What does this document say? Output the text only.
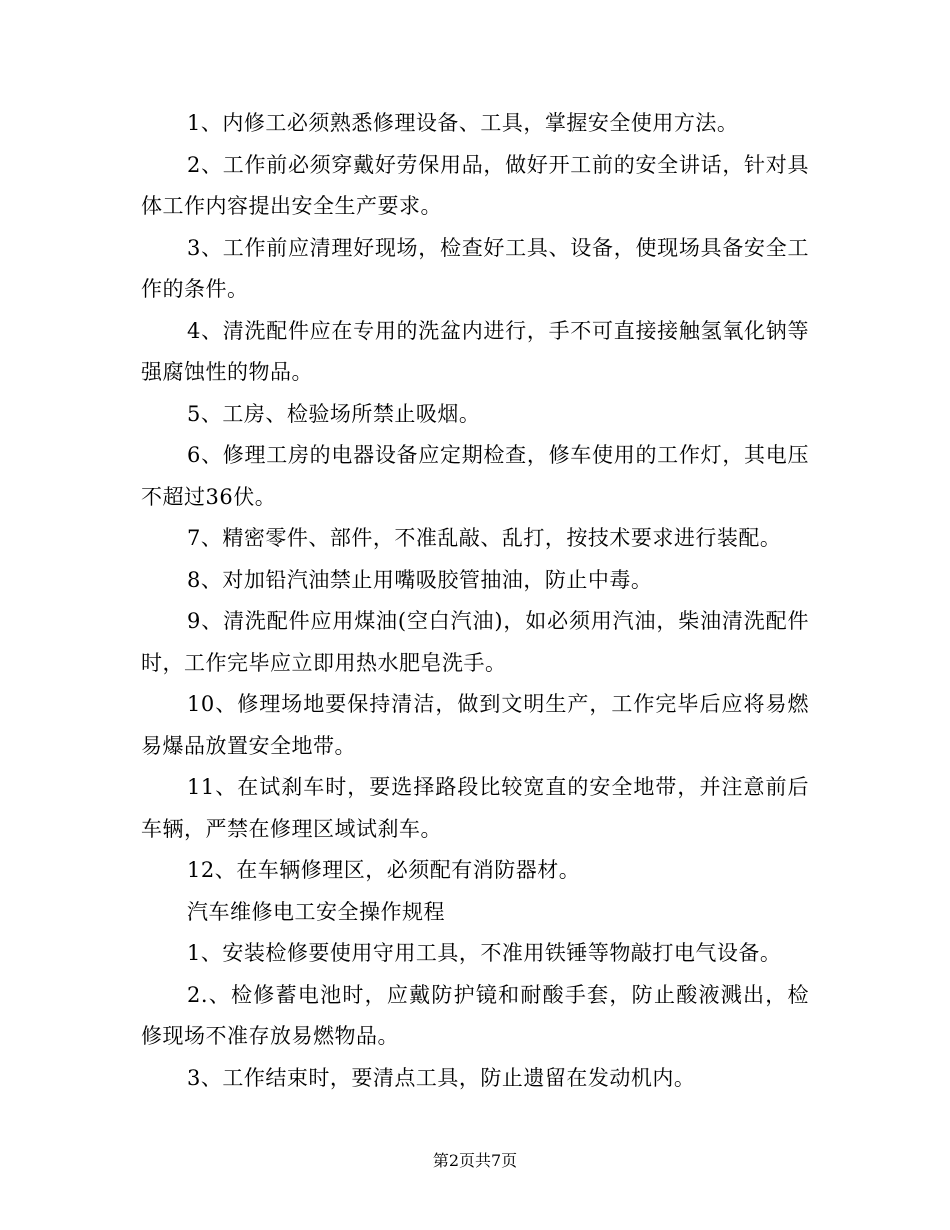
1、内修工必须熟悉修理设备、工具，掌握安全使用方法。

2、工作前必须穿戴好劳保用品，做好开工前的安全讲话，针对具体工作内容提出安全生产要求。

3、工作前应清理好现场，检查好工具、设备，使现场具备安全工作的条件。

4、清洗配件应在专用的洗盆内进行，手不可直接接触氢氧化钠等强腐蚀性的物品。

5、工房、检验场所禁止吸烟。

6、修理工房的电器设备应定期检查，修车使用的工作灯，其电压不超过36伏。

7、精密零件、部件，不准乱敲、乱打，按技术要求进行装配。

8、对加铅汽油禁止用嘴吸胶管抽油，防止中毒。

9、清洗配件应用煤油(空白汽油)，如必须用汽油，柴油清洗配件时，工作完毕应立即用热水肥皂洗手。

10、修理场地要保持清洁，做到文明生产，工作完毕后应将易燃易爆品放置安全地带。

11、在试刹车时，要选择路段比较宽直的安全地带，并注意前后车辆，严禁在修理区域试刹车。

12、在车辆修理区，必须配有消防器材。

汽车维修电工安全操作规程

1、安装检修要使用守用工具，不准用铁锤等物敲打电气设备。

2.、检修蓄电池时，应戴防护镜和耐酸手套，防止酸液溅出，检修现场不准存放易燃物品。

3、工作结束时，要清点工具，防止遗留在发动机内。

第2页共7页
